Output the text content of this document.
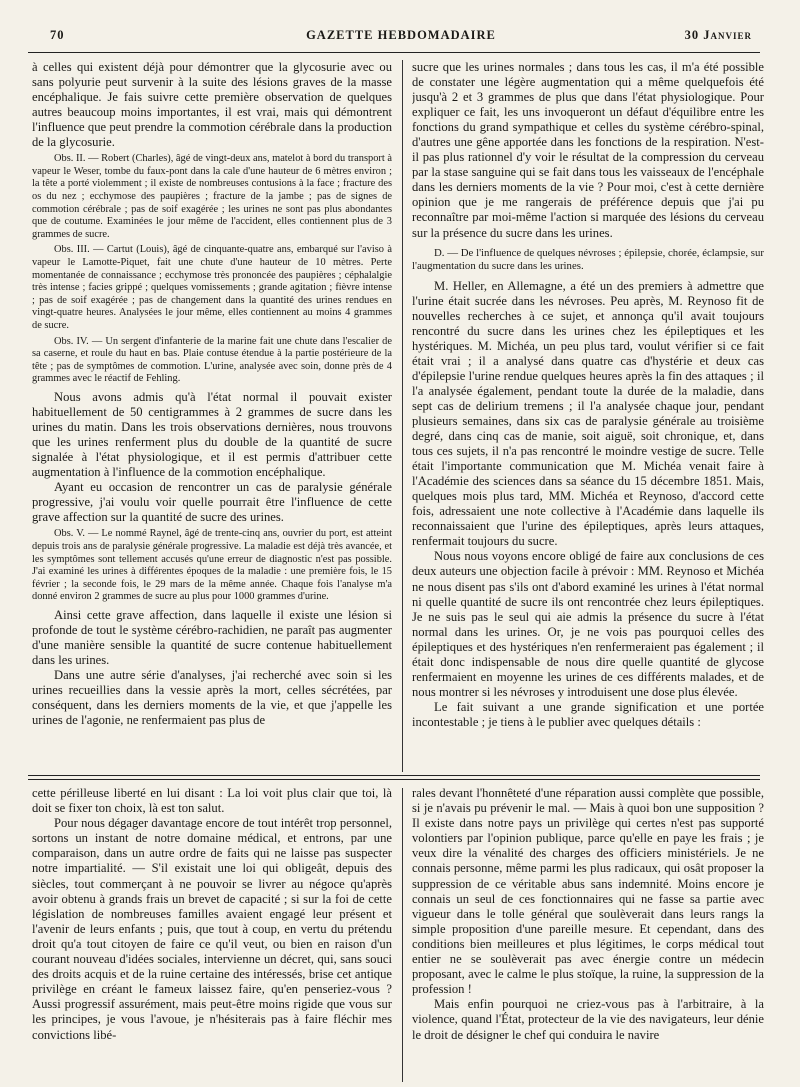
70	GAZETTE HEBDOMADAIRE	30 Janvier

à celles qui existent déjà pour démontrer que la glycosurie avec ou sans polyurie peut survenir à la suite des lésions graves de la masse encéphalique. Je fais suivre cette première observation de quelques autres beaucoup moins importantes, il est vrai, mais qui démontrent l'influence que peut prendre la commotion cérébrale dans la production de la glycosurie.

Obs. II. — Robert (Charles), âgé de vingt-deux ans, matelot à bord du transport à vapeur le Weser, tombe du faux-pont dans la cale d'une hauteur de 6 mètres environ ; la tête a porté violemment ; il existe de nombreuses contusions à la face ; fracture des os du nez ; ecchymose des paupières ; fracture de la jambe ; pas de signes de commotion cérébrale ; pas de soif exagérée ; les urines ne sont pas plus abondantes que de coutume. Examinées le jour même de l'accident, elles contiennent plus de 3 grammes de sucre.

Obs. III. — Cartut (Louis), âgé de cinquante-quatre ans, embarqué sur l'aviso à vapeur le Lamotte-Piquet, fait une chute d'une hauteur de 10 mètres. Perte momentanée de connaissance ; ecchymose très prononcée des paupières ; céphalalgie très intense ; facies grippé ; quelques vomissements ; grande agitation ; fièvre intense ; pas de soif exagérée ; pas de changement dans la quantité des urines rendues en vingt-quatre heures. Analysées le jour même, elles contiennent au moins 4 grammes de sucre.

Obs. IV. — Un sergent d'infanterie de la marine fait une chute dans l'escalier de sa caserne, et roule du haut en bas. Plaie contuse étendue à la partie postérieure de la tête ; pas de symptômes de commotion. L'urine, analysée avec soin, donne près de 4 grammes avec le réactif de Fehling.

Nous avons admis qu'à l'état normal il pouvait exister habituellement de 50 centigrammes à 2 grammes de sucre dans les urines du matin. Dans les trois observations dernières, nous trouvons que les urines renferment plus du double de la quantité de sucre signalée à l'état physiologique, et il est permis d'attribuer cette augmentation à l'influence de la commotion encéphalique.

Ayant eu occasion de rencontrer un cas de paralysie générale progressive, j'ai voulu voir quelle pourrait être l'influence de cette grave affection sur la quantité de sucre des urines.

Obs. V. — Le nommé Raynel, âgé de trente-cinq ans, ouvrier du port, est atteint depuis trois ans de paralysie générale progressive. La maladie est déjà très avancée, et les symptômes sont tellement accusés qu'une erreur de diagnostic n'est pas possible. J'ai examiné les urines à différentes époques de la maladie : une première fois, le 15 février ; la seconde fois, le 29 mars de la même année. Chaque fois l'analyse m'a donné environ 2 grammes de sucre au plus pour 1000 grammes d'urine.

Ainsi cette grave affection, dans laquelle il existe une lésion si profonde de tout le système cérébro-rachidien, ne paraît pas augmenter d'une manière sensible la quantité de sucre contenue habituellement dans les urines.

Dans une autre série d'analyses, j'ai recherché avec soin si les urines recueillies dans la vessie après la mort, celles sécrétées, par conséquent, dans les derniers moments de la vie, et que j'appelle les urines de l'agonie, ne renfermaient pas plus de

sucre que les urines normales ; dans tous les cas, il m'a été possible de constater une légère augmentation qui a même quelquefois été jusqu'à 2 et 3 grammes de plus que dans l'état physiologique. Pour expliquer ce fait, les uns invoqueront un défaut d'équilibre entre les fonctions du grand sympathique et celles du système cérébro-spinal, d'autres une gêne apportée dans les fonctions de la respiration. N'est-il pas plus rationnel d'y voir le résultat de la compression du cerveau par la stase sanguine qui se fait dans tous les vaisseaux de l'encéphale dans les derniers moments de la vie ? Pour moi, c'est à cette dernière opinion que je me rangerais de préférence depuis que j'ai pu reconnaître par moi-même l'action si marquée des lésions du cerveau sur la présence du sucre dans les urines.

D. — De l'influence de quelques névroses ; épilepsie, chorée, éclampsie, sur l'augmentation du sucre dans les urines.

M. Heller, en Allemagne, a été un des premiers à admettre que l'urine était sucrée dans les névroses. Peu après, M. Reynoso fit de nouvelles recherches à ce sujet, et annonça qu'il avait toujours rencontré du sucre dans les urines chez les épileptiques et les hystériques. M. Michéa, un peu plus tard, voulut vérifier si ce fait était vrai ; il a analysé dans quatre cas d'hystérie et deux cas d'épilepsie l'urine rendue quelques heures après la fin des attaques ; il l'a analysée également, pendant toute la durée de la maladie, dans sept cas de delirium tremens ; il l'a analysée chaque jour, pendant plusieurs semaines, dans six cas de paralysie générale au troisième degré, dans cinq cas de manie, soit aiguë, soit chronique, et, dans tous ces sujets, il n'a pas rencontré le moindre vestige de sucre. Telle était l'importante communication que M. Michéa venait faire à l'Académie des sciences dans sa séance du 15 décembre 1851. Mais, quelques mois plus tard, MM. Michéa et Reynoso, d'accord cette fois, adressaient une note collective à l'Académie dans laquelle ils reconnaissaient que l'urine des épileptiques, après leurs attaques, renfermait toujours du sucre.

Nous nous voyons encore obligé de faire aux conclusions de ces deux auteurs une objection facile à prévoir : MM. Reynoso et Michéa ne nous disent pas s'ils ont d'abord examiné les urines à l'état normal ni quelle quantité de sucre ils ont rencontrée chez leurs épileptiques. Je ne suis pas le seul qui aie admis la présence du sucre à l'état normal dans les urines. Or, je ne vois pas pourquoi celles des épileptiques et des hystériques n'en renfermeraient pas également ; il était donc indispensable de nous dire quelle quantité de glycose renfermaient en moyenne les urines de ces différents malades, et de nous montrer si les névroses y introduisent une dose plus élevée.

Le fait suivant a une grande signification et une portée incontestable ; je tiens à le publier avec quelques détails :

cette périlleuse liberté en lui disant : La loi voit plus clair que toi, là doit se fixer ton choix, là est ton salut.

Pour nous dégager davantage encore de tout intérêt trop personnel, sortons un instant de notre domaine médical, et entrons, par une comparaison, dans un autre ordre de faits qui ne laisse pas suspecter notre impartialité. — S'il existait une loi qui obligeât, depuis des siècles, tout commerçant à ne pouvoir se livrer au négoce qu'après avoir obtenu à grands frais un brevet de capacité ; si sur la foi de cette législation de nombreuses familles avaient engagé leur présent et l'avenir de leurs enfants ; puis, que tout à coup, en vertu du prétendu droit qu'a tout citoyen de faire ce qu'il veut, ou bien en raison d'un courant nouveau d'idées sociales, intervienne un décret, qui, sans souci des droits acquis et de la ruine certaine des intéressés, brise cet antique privilège en créant le fameux laissez faire, qu'en penseriez-vous ? Aussi progressif assurément, mais peut-être moins rigide que vous sur les principes, je vous l'avoue, je n'hésiterais pas à faire fléchir mes convictions libé-

rales devant l'honnêteté d'une réparation aussi complète que possible, si je n'avais pu prévenir le mal. — Mais à quoi bon une supposition ? Il existe dans notre pays un privilège qui certes n'est pas supporté volontiers par l'opinion publique, parce qu'elle en paye les frais ; je veux dire la vénalité des charges des officiers ministériels. Je ne connais personne, même parmi les plus radicaux, qui osât proposer la suppression de ce véritable abus sans indemnité. Moins encore je connais un seul de ces fonctionnaires qui ne fasse sa partie avec vigueur dans le tolle général que soulèverait dans leurs rangs la simple proposition d'une pareille mesure. Et cependant, dans des conditions bien meilleures et plus légitimes, le corps médical tout entier ne se soulèverait pas avec énergie contre un médecin proposant, avec le calme le plus stoïque, la ruine, la suppression de la profession !

Mais enfin pourquoi ne criez-vous pas à l'arbitraire, à la violence, quand l'État, protecteur de la vie des navigateurs, leur dénie le droit de désigner le chef qui conduira le navire
